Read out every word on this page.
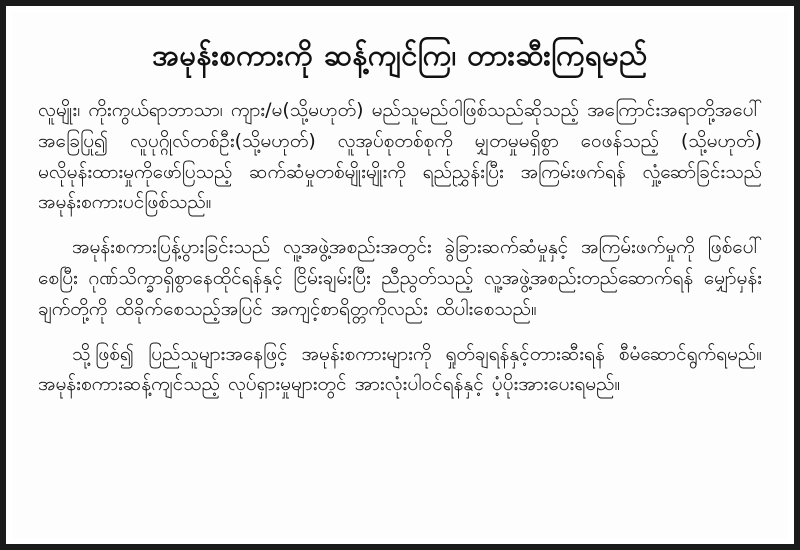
အမုန်းစကားကို ဆန့်ကျင်ကြ၊ တားဆီးကြရမည်

လူမျိုး၊ ကိုးကွယ်ရာဘာသာ၊ ကျား/မ(သို့မဟုတ်) မည်သူမည်ဝါဖြစ်သည်ဆိုသည့် အကြောင်းအရာတို့အပေါ် အခြေပြု၍ လူပုဂ္ဂိုလ်တစ်ဦး(သို့မဟုတ်) လူအုပ်စုတစ်စုကို မျှတမှုမရှိစွာ ဝေဖန်သည့် (သို့မဟုတ်) မလိုမုန်းထားမှုကိုဖော်ပြသည့် ဆက်ဆံမှုတစ်မျိုးမျိုးကို ရည်ညွှန်းပြီး အကြမ်းဖက်ရန် လှုံ့ဆော်ခြင်းသည် အမုန်းစကားပင်ဖြစ်သည်။

အမုန်းစကားပြန့်ပွားခြင်းသည် လူ့အဖွဲ့အစည်းအတွင်း ခွဲခြားဆက်ဆံမှုနှင့် အကြမ်းဖက်မှုကို ဖြစ်ပေါ်စေပြီး ဂုဏ်သိက္ခာရှိစွာနေထိုင်ရန်နှင့် ငြိမ်းချမ်းပြီး ညီညွတ်သည့် လူ့အဖွဲ့အစည်းတည်ဆောက်ရန် မျှော်မှန်းချက်တို့ကို ထိခိုက်စေသည့်အပြင် အကျင့်စာရိတ္တကိုလည်း ထိပါးစေသည်။

သို့ဖြစ်၍ ပြည်သူများအနေဖြင့် အမုန်းစကားများကို ရှုတ်ချရန်နှင့်တားဆီးရန် စီမံဆောင်ရွက်ရမည်။ အမုန်းစကားဆန့်ကျင်သည့် လုပ်ရှားမှုများတွင် အားလုံးပါဝင်ရန်နှင့် ပံ့ပိုးအားပေးရမည်။
